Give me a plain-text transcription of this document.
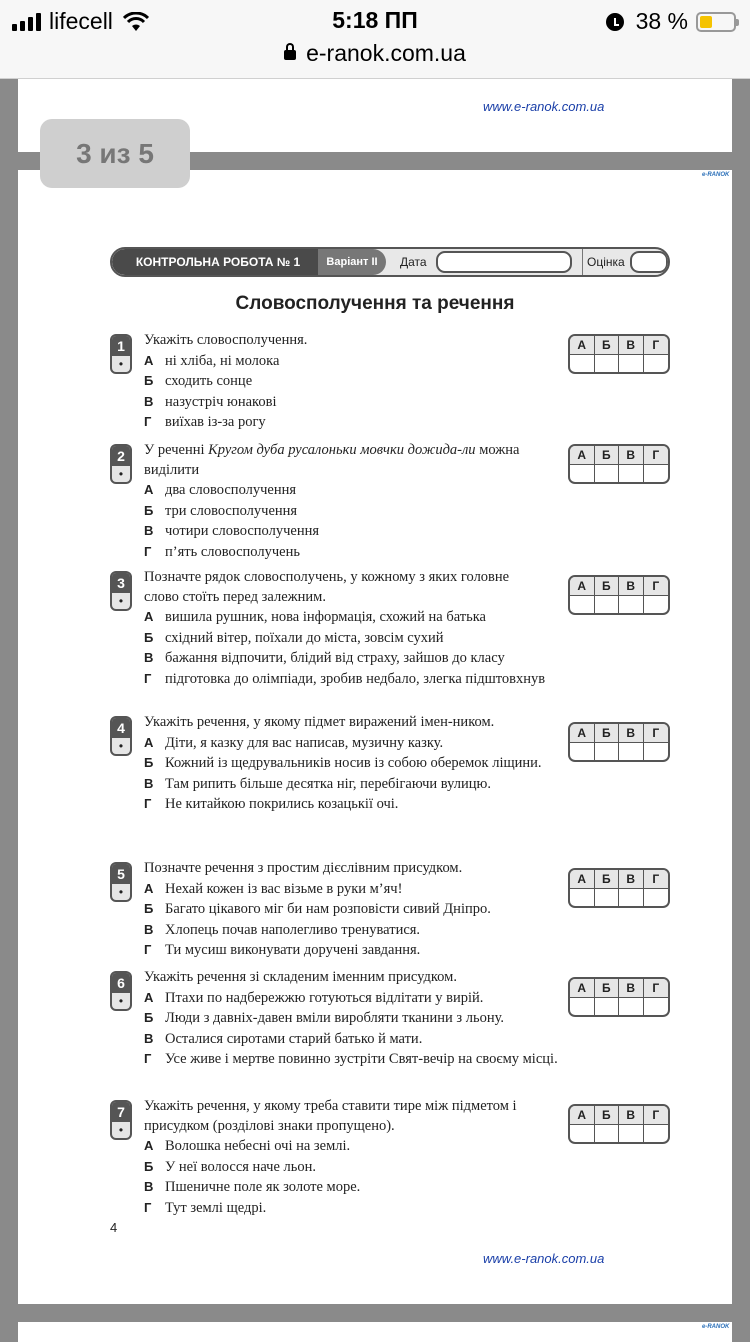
lifecell	5:18 ПП	38 %
e-ranok.com.ua
www.e-ranok.com.ua
3 из 5
e-RANOK
КОНТРОЛЬНА РОБОТА № 1	Варіант ІІ	Дата	Оцінка
Словосполучення та речення
1
•
Укажіть словосполучення.
А ні хліба, ні молока
Б сходить сонце
В назустріч юнакові
Г виїхав із-за рогу
А	Б	В	Г
2
•
У реченні Кругом дуба русалоньки мовчки дожида-ли можна виділити
А два словосполучення
Б три словосполучення
В чотири словосполучення
Г п’ять словосполучень
А	Б	В	Г
3
•
Позначте рядок словосполучень, у кожному з яких головне слово стоїть перед залежним.
А вишила рушник, нова інформація, схожий на батька
Б східний вітер, поїхали до міста, зовсім сухий
В бажання відпочити, блідий від страху, зайшов до класу
Г підготовка до олімпіади, зробив недбало, злегка підштовхнув
А	Б	В	Г
4
•
Укажіть речення, у якому підмет виражений імен-ником.
А Діти, я казку для вас написав, музичну казку.
Б Кожний із щедрувальників носив із собою оберемок ліщини.
В Там рипить більше десятка ніг, перебігаючи вулицю.
Г Не китайкою покрились козацькії очі.
А	Б	В	Г
5
•
Позначте речення з простим дієслівним присудком.
А Нехай кожен із вас візьме в руки м’яч!
Б Багато цікавого міг би нам розповісти сивий Дніпро.
В Хлопець почав наполегливо тренуватися.
Г Ти мусиш виконувати доручені завдання.
А	Б	В	Г
6
•
Укажіть речення зі складеним іменним присудком.
А Птахи по надбережжю готуються відлітати у вирій.
Б Люди з давніх-давен вміли виробляти тканини з льону.
В Осталися сиротами старий батько й мати.
Г Усе живе і мертве повинно зустріти Свят-вечір на своєму місці.
А	Б	В	Г
7
•
Укажіть речення, у якому треба ставити тире між підметом і присудком (розділові знаки пропущено).
А Волошка небесні очі на землі.
Б У неї волосся наче льон.
В Пшеничне поле як золоте море.
Г Тут землі щедрі.
А	Б	В	Г
4
www.e-ranok.com.ua
e-RANOK
